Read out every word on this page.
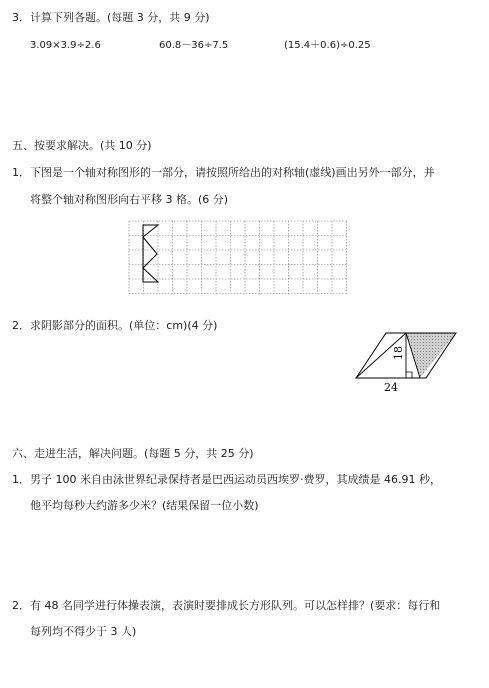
3．计算下列各题。(每题 3 分，共 9 分)
3.09×3.9÷2.6	60.8－36÷7.5	(15.4＋0.6)÷0.25
五、按要求解决。(共 10 分)
1．下图是一个轴对称图形的一部分，请按照所给出的对称轴(虚线)画出另外一部分，并
将整个轴对称图形向右平移 3 格。(6 分)
2．求阴影部分的面积。(单位：cm)(4 分)
18
24
六、走进生活，解决问题。(每题 5 分，共 25 分)
1．男子 100 米自由泳世界纪录保持者是巴西运动员西埃罗·费罗，其成绩是 46.91 秒，
他平均每秒大约游多少米？(结果保留一位小数)
2．有 48 名同学进行体操表演，表演时要排成长方形队列。可以怎样排？(要求：每行和
每列均不得少于 3 人)
